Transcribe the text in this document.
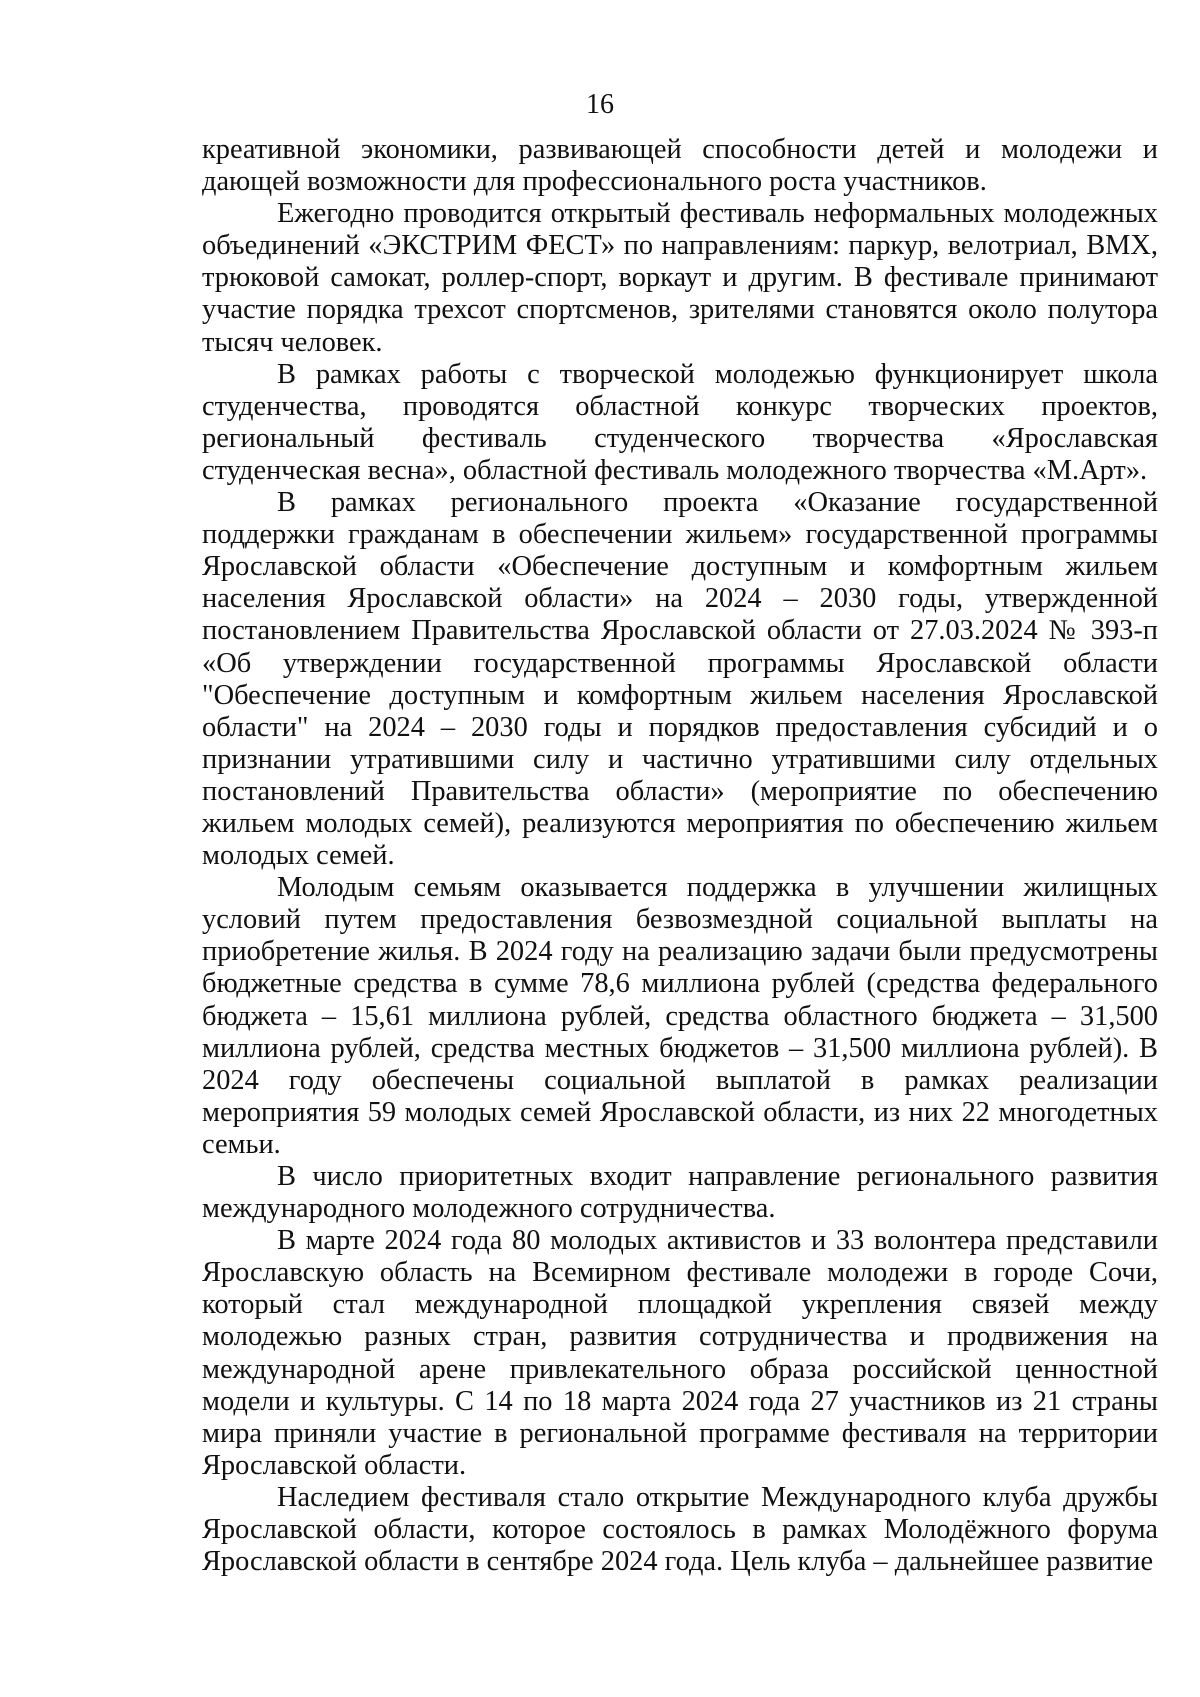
16

креативной экономики, развивающей способности детей и молодежи и дающей возможности для профессионального роста участников.

Ежегодно проводится открытый фестиваль неформальных молодежных объединений «ЭКСТРИМ ФЕСТ» по направлениям: паркур, велотриал, BMX, трюковой самокат, роллер-спорт, воркаут и другим. В фестивале принимают участие порядка трехсот спортсменов, зрителями становятся около полутора тысяч человек.

В рамках работы с творческой молодежью функционирует школа студенчества, проводятся областной конкурс творческих проектов, региональный фестиваль студенческого творчества «Ярославская студенческая весна», областной фестиваль молодежного творчества «М.Арт».

В рамках регионального проекта «Оказание государственной поддержки гражданам в обеспечении жильем» государственной программы Ярославской области «Обеспечение доступным и комфортным жильем населения Ярославской области» на 2024 – 2030 годы, утвержденной постановлением Правительства Ярославской области от 27.03.2024 № 393-п «Об утверждении государственной программы Ярославской области "Обеспечение доступным и комфортным жильем населения Ярославской области" на 2024 – 2030 годы и порядков предоставления субсидий и о признании утратившими силу и частично утратившими силу отдельных постановлений Правительства области» (мероприятие по обеспечению жильем молодых семей), реализуются мероприятия по обеспечению жильем молодых семей.

Молодым семьям оказывается поддержка в улучшении жилищных условий путем предоставления безвозмездной социальной выплаты на приобретение жилья. В 2024 году на реализацию задачи были предусмотрены бюджетные средства в сумме 78,6 миллиона рублей (средства федерального бюджета – 15,61 миллиона рублей, средства областного бюджета – 31,500 миллиона рублей, средства местных бюджетов – 31,500 миллиона рублей). В 2024 году обеспечены социальной выплатой в рамках реализации мероприятия 59 молодых семей Ярославской области, из них 22 многодетных семьи.

В число приоритетных входит направление регионального развития международного молодежного сотрудничества.

В марте 2024 года 80 молодых активистов и 33 волонтера представили Ярославскую область на Всемирном фестивале молодежи в городе Сочи, который стал международной площадкой укрепления связей между молодежью разных стран, развития сотрудничества и продвижения на международной арене привлекательного образа российской ценностной модели и культуры. С 14 по 18 марта 2024 года 27 участников из 21 страны мира приняли участие в региональной программе фестиваля на территории Ярославской области.

Наследием фестиваля стало открытие Международного клуба дружбы Ярославской области, которое состоялось в рамках Молодёжного форума Ярославской области в сентябре 2024 года. Цель клуба – дальнейшее развитие
